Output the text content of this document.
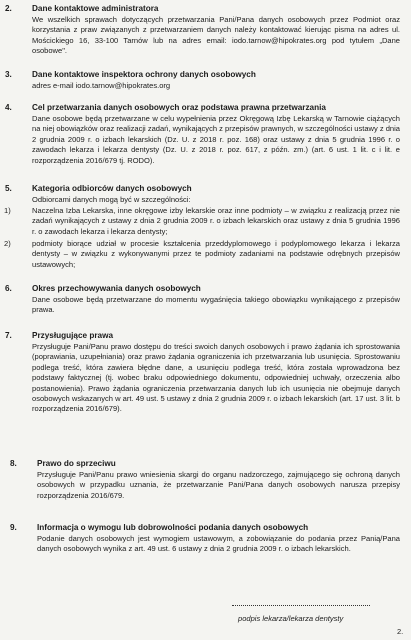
2. Dane kontaktowe administratora
We wszelkich sprawach dotyczących przetwarzania Pani/Pana danych osobowych przez Podmiot oraz korzystania z praw związanych z przetwarzaniem danych należy kontaktować kierując pisma na adres ul. Mościckiego 16, 33-100 Tarnów lub na adres email: iodo.tarnow@hipokrates.org pod tytułem „Dane osobowe".
3. Dane kontaktowe inspektora ochrony danych osobowych
adres e-mail iodo.tarnow@hipokrates.org
4. Cel przetwarzania danych osobowych oraz podstawa prawna przetwarzania
Dane osobowe będą przetwarzane w celu wypełnienia przez Okręgową Izbę Lekarską w Tarnowie ciążących na niej obowiązków oraz realizacji zadań, wynikających z przepisów prawnych, w szczególności ustawy z dnia 2 grudnia 2009 r. o izbach lekarskich (Dz. U. z 2018 r. poz. 168) oraz ustawy z dnia 5 grudnia 1996 r. o zawodach lekarza i lekarza dentysty (Dz. U. z 2018 r. poz. 617, z późn. zm.) (art. 6 ust. 1 lit. c i lit. e rozporządzenia 2016/679 tj. RODO).
5. Kategoria odbiorców danych osobowych
Odbiorcami danych mogą być w szczególności:
1)	Naczelna Izba Lekarska, inne okręgowe izby lekarskie oraz inne podmioty – w związku z realizacją przez nie zadań wynikających z ustawy z dnia 2 grudnia 2009 r. o izbach lekarskich oraz ustawy z dnia 5 grudnia 1996 r. o zawodach lekarza i lekarza dentysty;
2)	podmioty biorące udział w procesie kształcenia przeddyplomowego i podyplomowego lekarza i lekarza dentysty – w związku z wykonywanymi przez te podmioty zadaniami na podstawie odrębnych przepisów ustawowych;
6. Okres przechowywania danych osobowych
Dane osobowe będą przetwarzane do momentu wygaśnięcia takiego obowiązku wynikającego z przepisów prawa.
7. Przysługujące prawa
Przysługuje Pani/Panu prawo dostępu do treści swoich danych osobowych i prawo żądania ich sprostowania (poprawiania, uzupełniania) oraz prawo żądania ograniczenia ich przetwarzania lub usunięcia. Sprostowaniu podlega treść, która zawiera błędne dane, a usunięciu podlega treść, która została wprowadzona bez podstawy faktycznej (tj. wobec braku odpowiedniego dokumentu, odpowiedniej uchwały, orzeczenia albo postanowienia). Prawo żądania ograniczenia przetwarzania danych lub ich usunięcia nie obejmuje danych osobowych wskazanych w art. 49 ust. 5 ustawy z dnia 2 grudnia 2009 r. o izbach lekarskich (art. 17 ust. 3 lit. b rozporządzenia 2016/679).
8. Prawo do sprzeciwu
Przysługuje Pani/Panu prawo wniesienia skargi do organu nadzorczego, zajmującego się ochroną danych osobowych w przypadku uznania, że przetwarzanie Pani/Pana danych osobowych narusza przepisy rozporządzenia 2016/679.
9. Informacja o wymogu lub dobrowolności podania danych osobowych
Podanie danych osobowych jest wymogiem ustawowym, a zobowiązanie do podania przez Panią/Pana danych osobowych wynika z art. 49 ust. 6 ustawy z dnia 2 grudnia 2009 r. o izbach lekarskich.
podpis lekarza/lekarza dentysty
2.
